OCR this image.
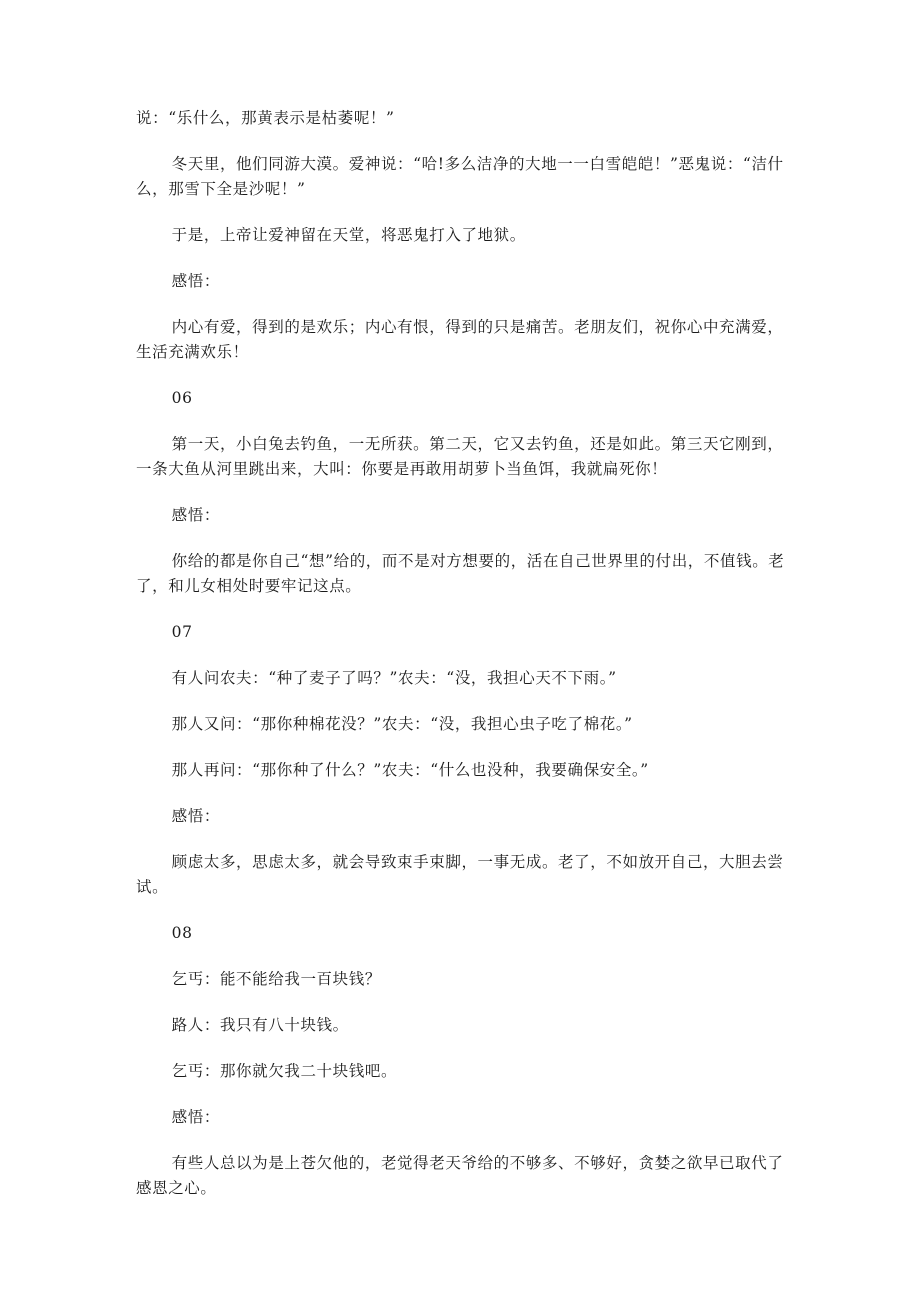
说：“乐什么，那黄表示是枯萎呢！”

冬天里，他们同游大漠。爱神说：“哈!多么洁净的大地一一白雪皑皑！”恶鬼说：“洁什么，那雪下全是沙呢！”

于是，上帝让爱神留在天堂，将恶鬼打入了地狱。

感悟：

内心有爱，得到的是欢乐；内心有恨，得到的只是痛苦。老朋友们，祝你心中充满爱，生活充满欢乐！

06

第一天，小白兔去钓鱼，一无所获。第二天，它又去钓鱼，还是如此。第三天它刚到，一条大鱼从河里跳出来，大叫：你要是再敢用胡萝卜当鱼饵，我就扁死你！

感悟：

你给的都是你自己“想”给的，而不是对方想要的，活在自己世界里的付出，不值钱。老了，和儿女相处时要牢记这点。

07

有人问农夫：“种了麦子了吗？”农夫：“没，我担心天不下雨。”

那人又问：“那你种棉花没？”农夫：“没，我担心虫子吃了棉花。”

那人再问：“那你种了什么？”农夫：“什么也没种，我要确保安全。”

感悟：

顾虑太多，思虑太多，就会导致束手束脚，一事无成。老了，不如放开自己，大胆去尝试。

08

乞丐：能不能给我一百块钱？

路人：我只有八十块钱。

乞丐：那你就欠我二十块钱吧。

感悟：

有些人总以为是上苍欠他的，老觉得老天爷给的不够多、不够好，贪婪之欲早已取代了感恩之心。
